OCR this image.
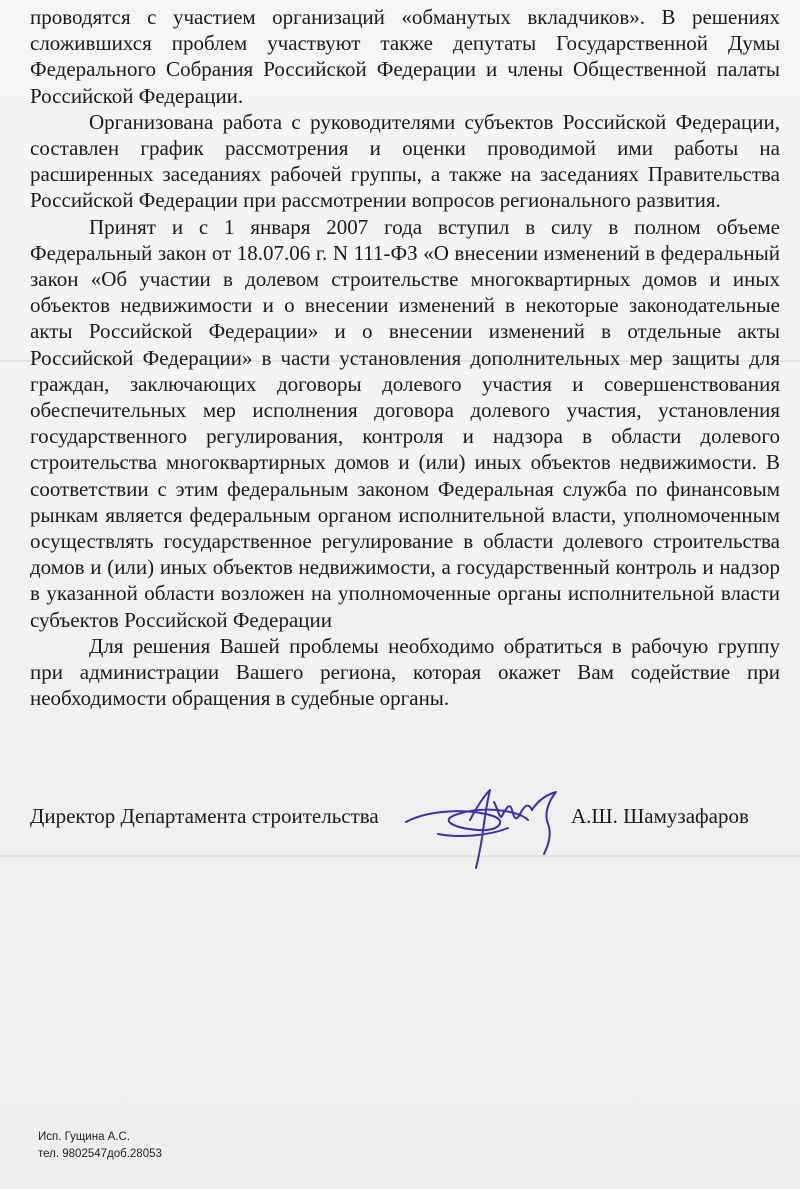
проводятся с участием организаций «обманутых вкладчиков». В решениях сложившихся проблем участвуют также депутаты Государственной Думы Федерального Собрания Российской Федерации и члены Общественной палаты Российской Федерации.

Организована работа с руководителями субъектов Российской Федерации, составлен график рассмотрения и оценки проводимой ими работы на расширенных заседаниях рабочей группы, а также на заседаниях Правительства Российской Федерации при рассмотрении вопросов регионального развития.

Принят и с 1 января 2007 года вступил в силу в полном объеме Федеральный закон от 18.07.06 г. N 111-ФЗ «О внесении изменений в федеральный закон «Об участии в долевом строительстве многоквартирных домов и иных объектов недвижимости и о внесении изменений в некоторые законодательные акты Российской Федерации» и о внесении изменений в отдельные акты Российской Федерации» в части установления дополнительных мер защиты для граждан, заключающих договоры долевого участия и совершенствования обеспечительных мер исполнения договора долевого участия, установления государственного регулирования, контроля и надзора в области долевого строительства многоквартирных домов и (или) иных объектов недвижимости. В соответствии с этим федеральным законом Федеральная служба по финансовым рынкам является федеральным органом исполнительной власти, уполномоченным осуществлять государственное регулирование в области долевого строительства домов и (или) иных объектов недвижимости, а государственный контроль и надзор в указанной области возложен на уполномоченные органы исполнительной власти субъектов Российской Федерации

Для решения Вашей проблемы необходимо обратиться в рабочую группу при администрации Вашего региона, которая окажет Вам содействие при необходимости обращения в судебные органы.

Директор Департамента строительства	А.Ш. Шамузафаров
Исп. Гущина А.С.
тел. 9802547доб.28053
